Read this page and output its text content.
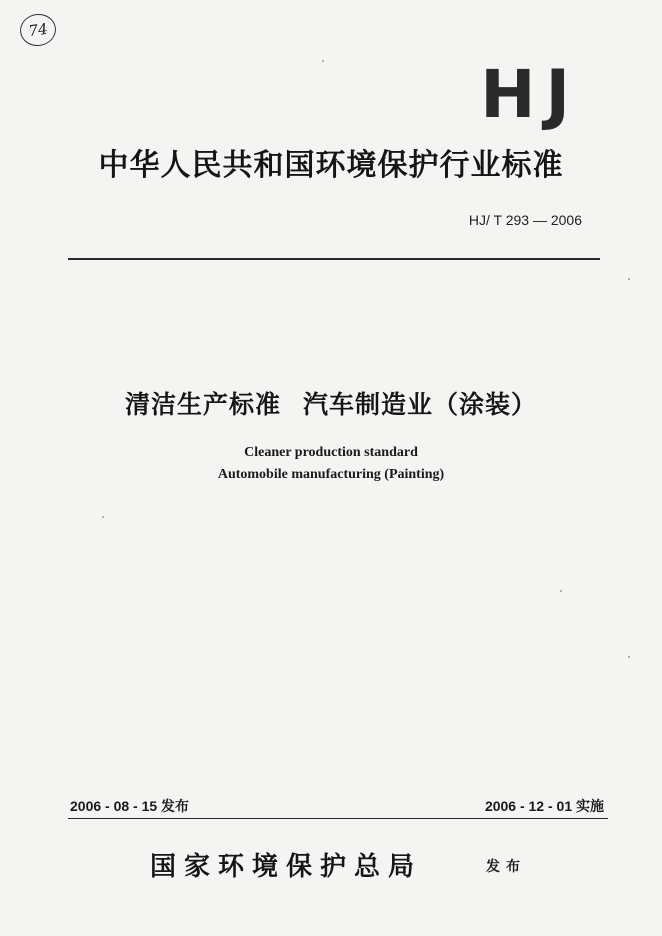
74
HJ
中华人民共和国环境保护行业标准
HJ/ T 293 — 2006
清洁生产标准 汽车制造业（涂装）
Cleaner production standard
Automobile manufacturing (Painting)
2006 - 08 - 15 发布	2006 - 12 - 01 实施
国家环境保护总局	发布
